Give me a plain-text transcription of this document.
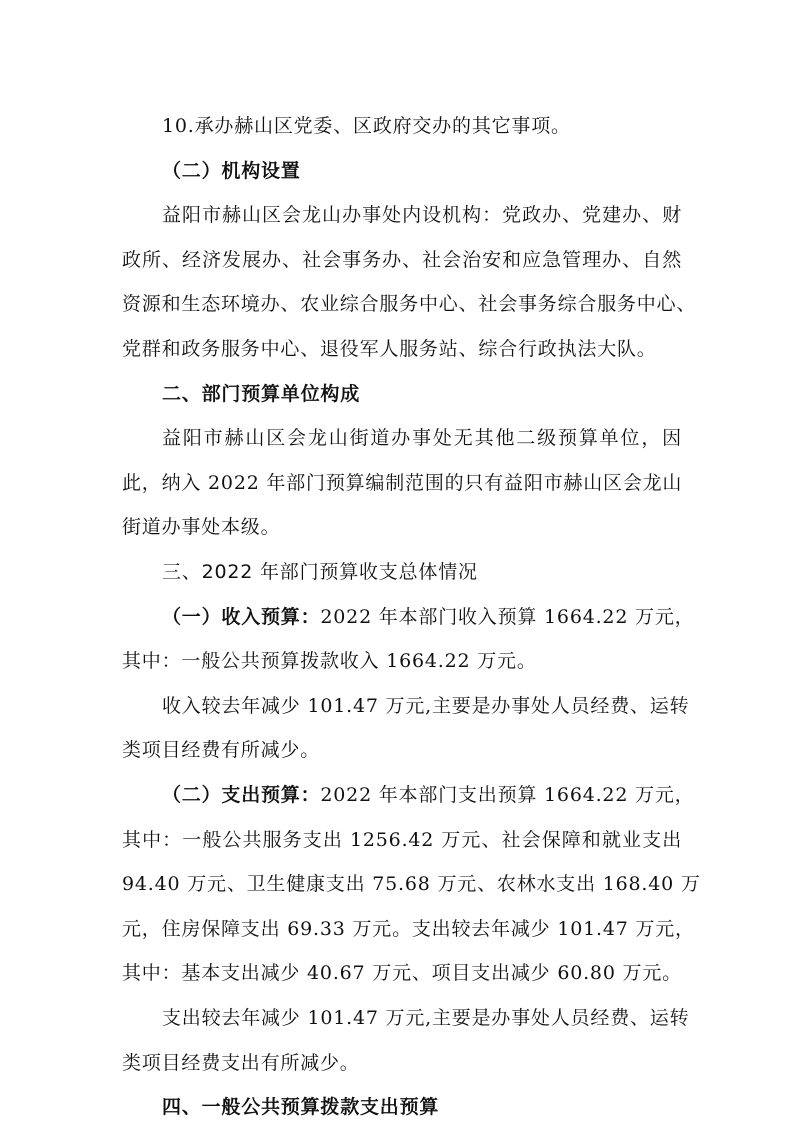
10.承办赫山区党委、区政府交办的其它事项。
（二）机构设置
益阳市赫山区会龙山办事处内设机构：党政办、党建办、财
政所、经济发展办、社会事务办、社会治安和应急管理办、自然
资源和生态环境办、农业综合服务中心、社会事务综合服务中心、
党群和政务服务中心、退役军人服务站、综合行政执法大队。
二、部门预算单位构成
益阳市赫山区会龙山街道办事处无其他二级预算单位，因
此，纳入 2022 年部门预算编制范围的只有益阳市赫山区会龙山
街道办事处本级。
三、2022 年部门预算收支总体情况
（一）收入预算：2022 年本部门收入预算 1664.22 万元，
其中：一般公共预算拨款收入 1664.22 万元。
收入较去年减少 101.47 万元,主要是办事处人员经费、运转
类项目经费有所减少。
（二）支出预算：2022 年本部门支出预算 1664.22 万元，
其中：一般公共服务支出 1256.42 万元、社会保障和就业支出
94.40 万元、卫生健康支出 75.68 万元、农林水支出 168.40 万
元，住房保障支出 69.33 万元。支出较去年减少 101.47 万元，
其中：基本支出减少 40.67 万元、项目支出减少 60.80 万元。
支出较去年减少 101.47 万元,主要是办事处人员经费、运转
类项目经费支出有所减少。
四、一般公共预算拨款支出预算
